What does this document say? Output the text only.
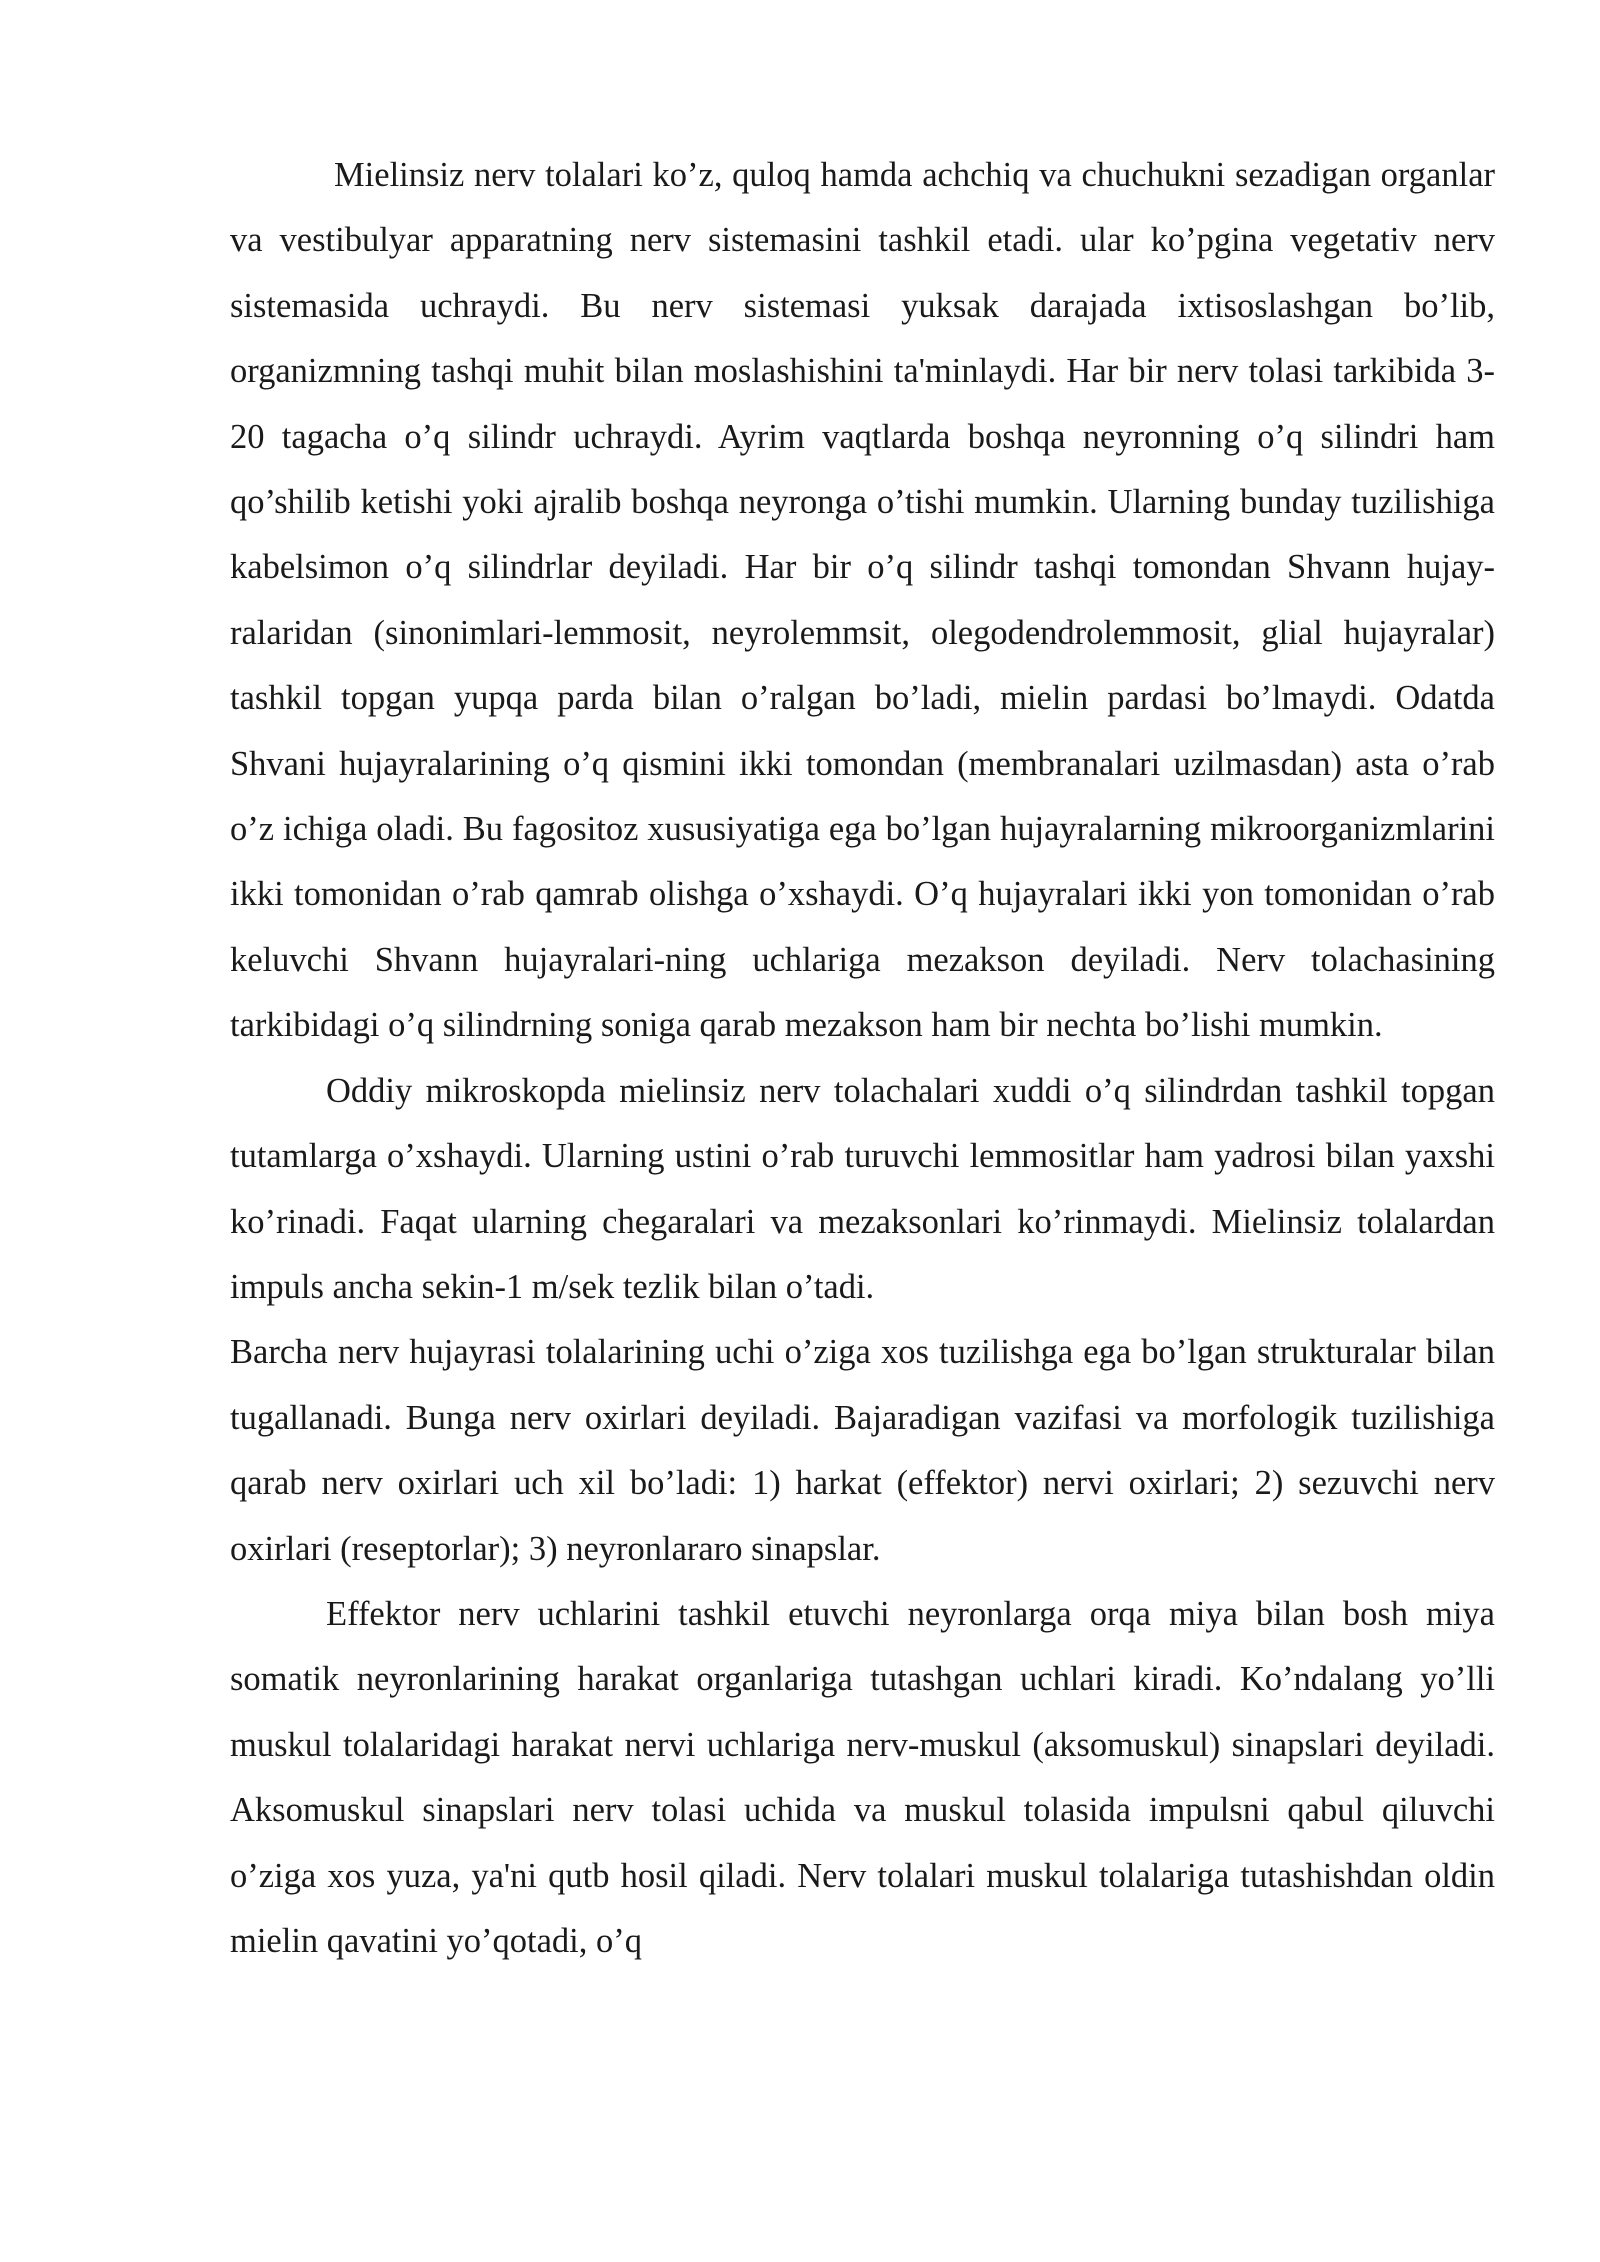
Mielinsiz nerv tolalari ko’z, quloq hamda achchiq va chuchukni sezadigan organlar va vestibulyar apparatning nerv sistemasini tashkil etadi. ular ko’pgina vegetativ nerv sistemasida uchraydi. Bu nerv sistemasi yuksak darajada ixtisoslashgan bo’lib, organizmning tashqi muhit bilan moslashishini ta'minlaydi. Har bir nerv tolasi tarkibida 3-20 tagacha o’q silindr uchraydi. Ayrim vaqtlarda boshqa neyronning o’q silindri ham qo’shilib ketishi yoki ajralib boshqa neyronga o’tishi mumkin. Ularning bunday tuzilishiga kabelsimon o’q silindrlar deyiladi. Har bir o’q silindr tashqi tomondan Shvann hujay-ralaridan (sinonimlari-lemmosit, neyrolemmsit, olegodendrolemmosit, glial hujayralar) tashkil topgan yupqa parda bilan o’ralgan bo’ladi, mielin pardasi bo’lmaydi. Odatda Shvani hujayralarining o’q qismini ikki tomondan (membranalari uzilmasdan) asta o’rab o’z ichiga oladi. Bu fagositoz xususiyatiga ega bo’lgan hujayralarning mikroorganizmlarini ikki tomonidan o’rab qamrab olishga o’xshaydi. O’q hujayralari ikki yon tomonidan o’rab keluvchi Shvann hujayralari-ning uchlariga mezakson deyiladi. Nerv tolachasining tarkibidagi o’q silindrning soniga qarab mezakson ham bir nechta bo’lishi mumkin.

Oddiy mikroskopda mielinsiz nerv tolachalari xuddi o’q silindrdan tashkil topgan tutamlarga o’xshaydi. Ularning ustini o’rab turuvchi lemmositlar ham yadrosi bilan yaxshi ko’rinadi. Faqat ularning chegaralari va mezaksonlari ko’rinmaydi. Mielinsiz tolalardan impuls ancha sekin-1 m/sek tezlik bilan o’tadi.

Barcha nerv hujayrasi tolalarining uchi o’ziga xos tuzilishga ega bo’lgan strukturalar bilan tugallanadi. Bunga nerv oxirlari deyiladi. Bajaradigan vazifasi va morfologik tuzilishiga qarab nerv oxirlari uch xil bo’ladi: 1) harkat (effektor) nervi oxirlari; 2) sezuvchi nerv oxirlari (reseptorlar); 3) neyronlararo sinapslar.

Effektor nerv uchlarini tashkil etuvchi neyronlarga orqa miya bilan bosh miya somatik neyronlarining harakat organlariga tutashgan uchlari kiradi. Ko’ndalang yo’lli muskul tolalaridagi harakat nervi uchlariga nerv-muskul (aksomuskul) sinapslari deyiladi. Aksomuskul sinapslari nerv tolasi uchida va muskul tolasida impulsni qabul qiluvchi o’ziga xos yuza, ya'ni qutb hosil qiladi. Nerv tolalari muskul tolalariga tutashishdan oldin mielin qavatini yo’qotadi, o’q
